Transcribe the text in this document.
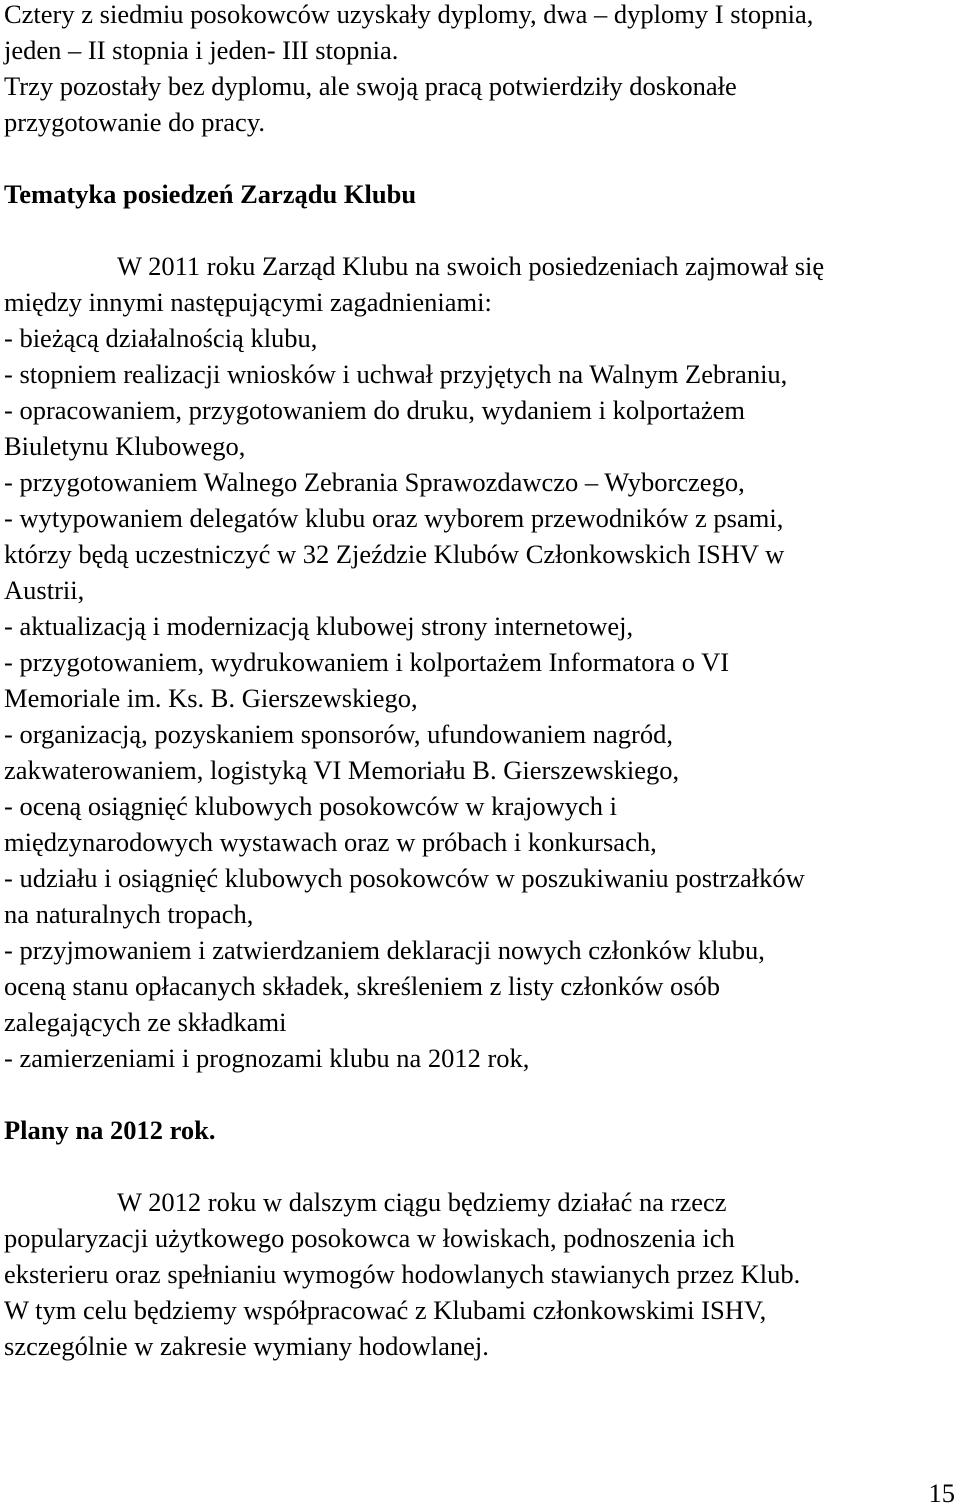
Cztery z siedmiu posokowców uzyskały dyplomy, dwa – dyplomy I stopnia,
jeden – II stopnia i jeden- III stopnia.
Trzy pozostały bez dyplomu, ale swoją pracą potwierdziły doskonałe
przygotowanie do pracy.
Tematyka posiedzeń Zarządu Klubu
W 2011 roku Zarząd Klubu na swoich posiedzeniach zajmował się
między innymi następującymi zagadnieniami:
- bieżącą działalnością klubu,
- stopniem realizacji wniosków i uchwał przyjętych na Walnym Zebraniu,
- opracowaniem, przygotowaniem do druku, wydaniem i kolportażem
Biuletynu Klubowego,
- przygotowaniem Walnego Zebrania Sprawozdawczo – Wyborczego,
- wytypowaniem delegatów klubu oraz wyborem przewodników z psami,
którzy będą uczestniczyć w 32 Zjeździe Klubów Członkowskich ISHV w
Austrii,
- aktualizacją i modernizacją klubowej strony internetowej,
- przygotowaniem, wydrukowaniem i kolportażem Informatora o VI
Memoriale im. Ks. B. Gierszewskiego,
- organizacją, pozyskaniem sponsorów, ufundowaniem nagród,
zakwaterowaniem, logistyką VI Memoriału B. Gierszewskiego,
- oceną osiągnięć klubowych posokowców w krajowych i
międzynarodowych wystawach oraz w próbach i konkursach,
- udziału i osiągnięć klubowych posokowców w poszukiwaniu postrzałków
na naturalnych tropach,
- przyjmowaniem i zatwierdzaniem deklaracji nowych członków klubu,
oceną stanu opłacanych składek, skreśleniem z listy członków osób
zalegających ze składkami
- zamierzeniami i prognozami klubu na 2012 rok,
Plany na 2012 rok.
W 2012 roku w dalszym ciągu będziemy działać na rzecz
popularyzacji użytkowego posokowca w łowiskach, podnoszenia ich
eksterieru oraz spełnianiu wymogów hodowlanych stawianych przez Klub.
W tym celu będziemy współpracować z Klubami członkowskimi ISHV,
szczególnie w zakresie wymiany hodowlanej.
15
